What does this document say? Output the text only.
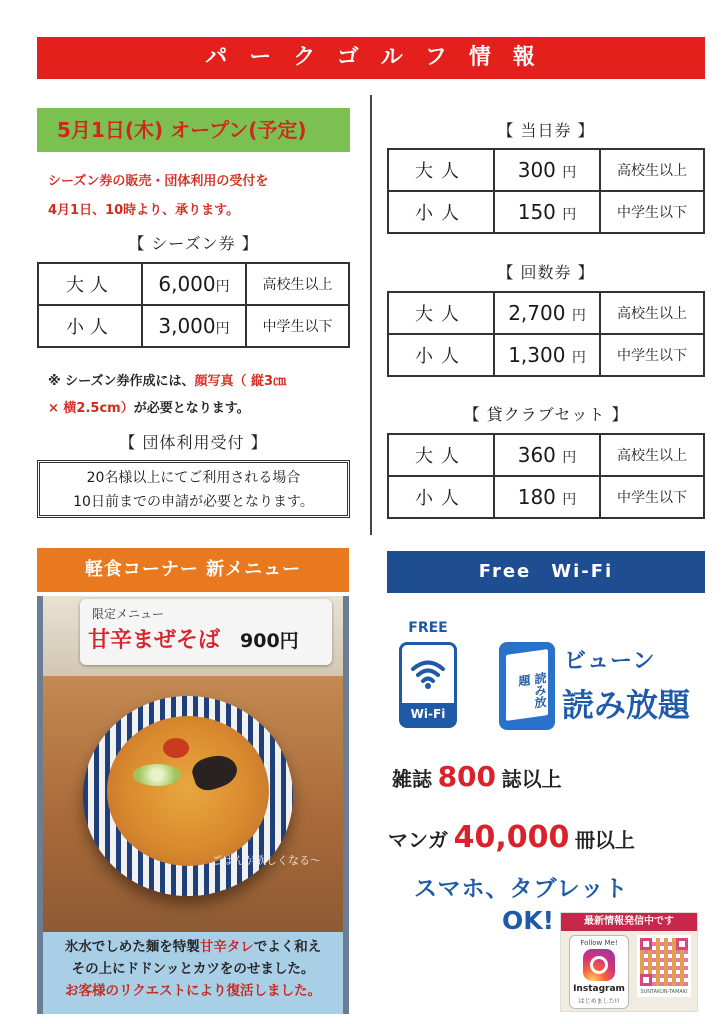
パークゴルフ情報
5月1日(木) オープン(予定)
シーズン券の販売・団体利用の受付を
4月1日、10時より、承ります。
【 シーズン券 】
大人	6,000円	高校生以上
小人	3,000円	中学生以下
※ シーズン券作成には、顔写真（ 縦3㎝
× 横2.5cm）が必要となります。
【 団体利用受付 】
20名様以上にてご利用される場合
10日前までの申請が必要となります。
【 当日券 】
大人	300 円	高校生以上
小人	150 円	中学生以下
【 回数券 】
大人	2,700 円	高校生以上
小人	1,300 円	中学生以下
【 貸クラブセット 】
大人	360 円	高校生以上
小人	180 円	中学生以下
軽食コーナー 新メニュー
ごはんが欲しくなる～
限定メニュー
甘辛まぜそば 900円
氷水でしめた麺を特製甘辛タレでよく和え
その上にドドンッとカツをのせました。
お客様のリクエストにより復活しました。
Free　Wi-Fi
FREE
Wi-Fi
読み放題
ビューン
読み放題
雑誌 800 誌以上
マンガ 40,000 冊以上
スマホ、タブレット
OK!	最新情報発信中です
Follow Me!
Instagram
はじめました!!
SUNTAKUN-TAMAKI
